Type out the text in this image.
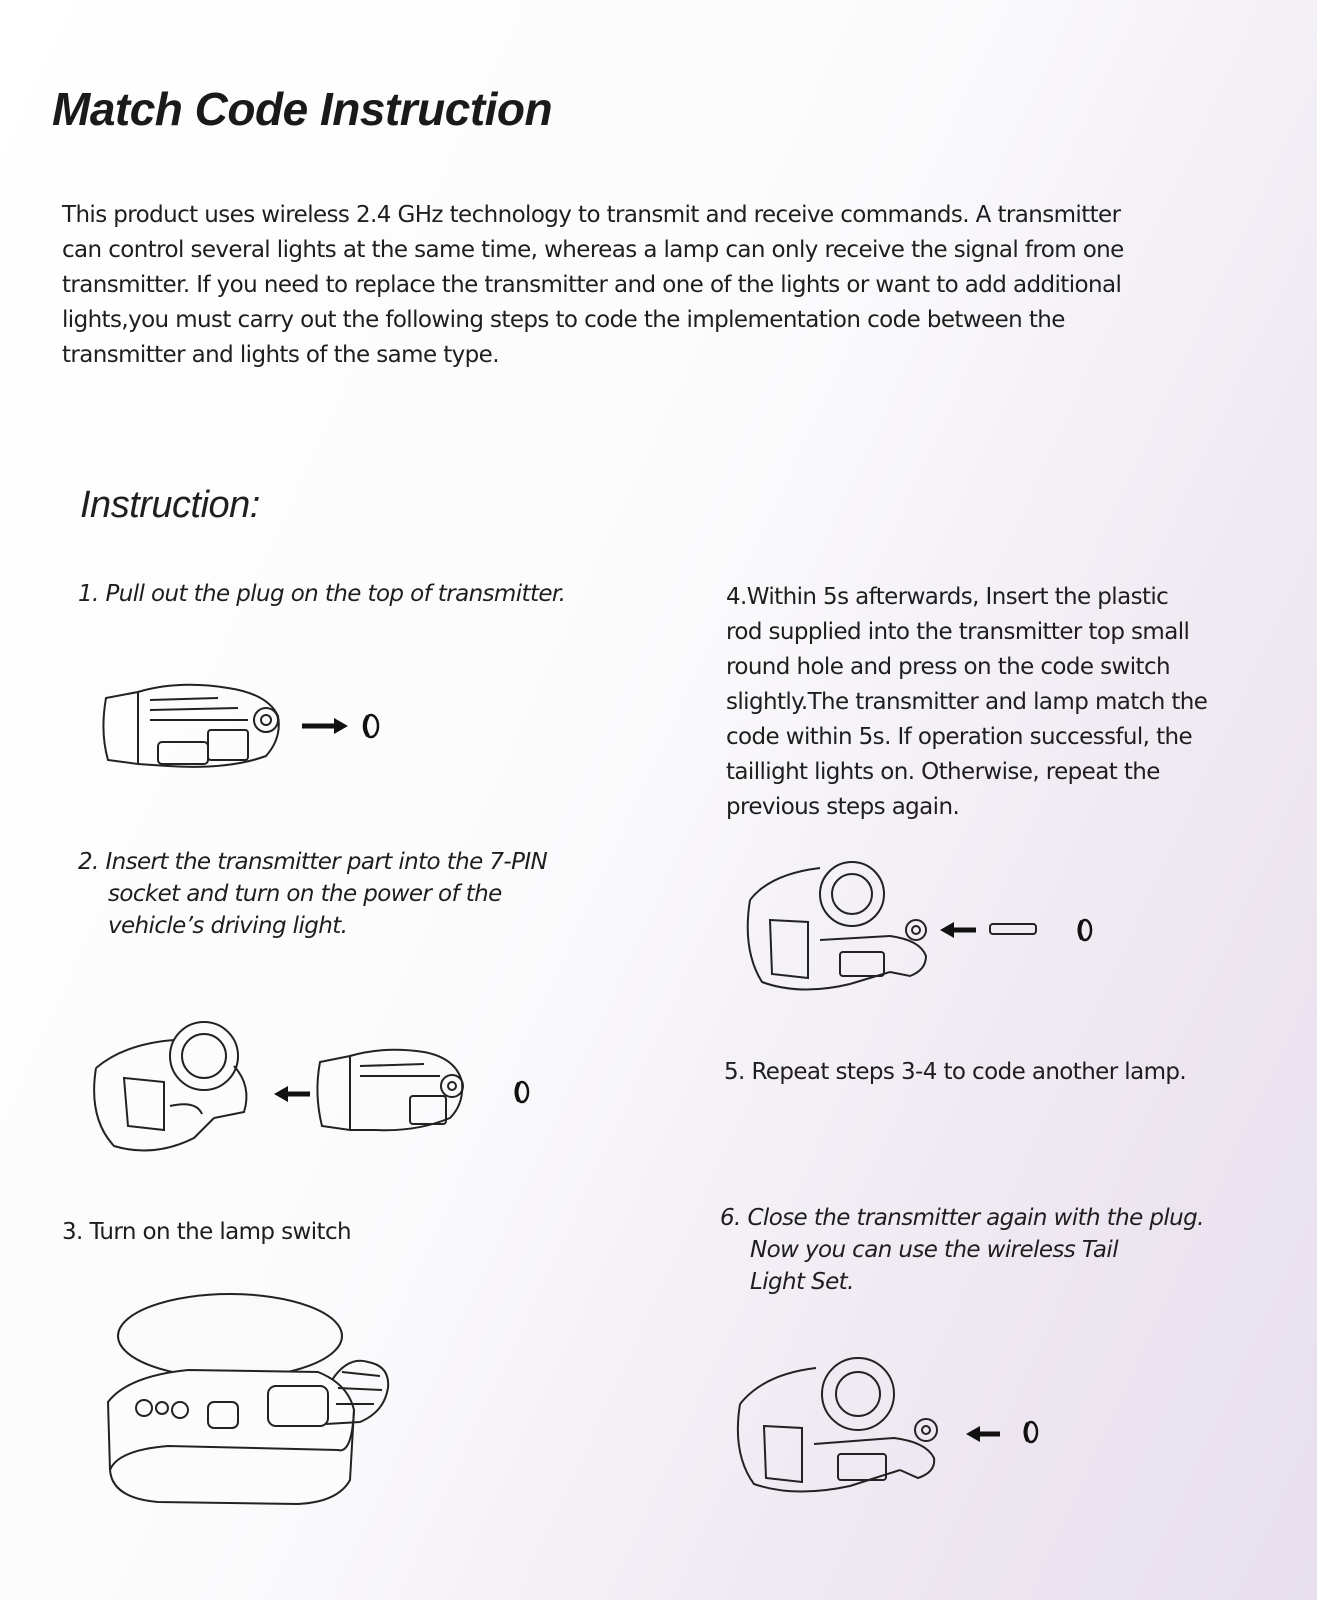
Match Code Instruction
This product uses wireless 2.4 GHz technology to transmit and receive commands. A transmitter
can control several lights at the same time, whereas a lamp can only receive the signal from one
transmitter. If you need to replace the transmitter and one of the lights or want to add additional
lights,you must carry out the following steps to code the implementation code between the
transmitter and lights of the same type.
Instruction:
1. Pull out the plug on the top of transmitter.
2. Insert the transmitter part into the 7-PIN
socket and turn on the power of the
vehicle’s driving light.
3. Turn on the lamp switch
4.Within 5s afterwards, Insert the plastic
rod supplied into the transmitter top small
round hole and press on the code switch
slightly.The transmitter and lamp match the
code within 5s. If operation successful, the
taillight lights on. Otherwise, repeat the
previous steps again.
5. Repeat steps 3-4 to code another lamp.
6. Close the transmitter again with the plug.
Now you can use the wireless Tail
Light Set.
